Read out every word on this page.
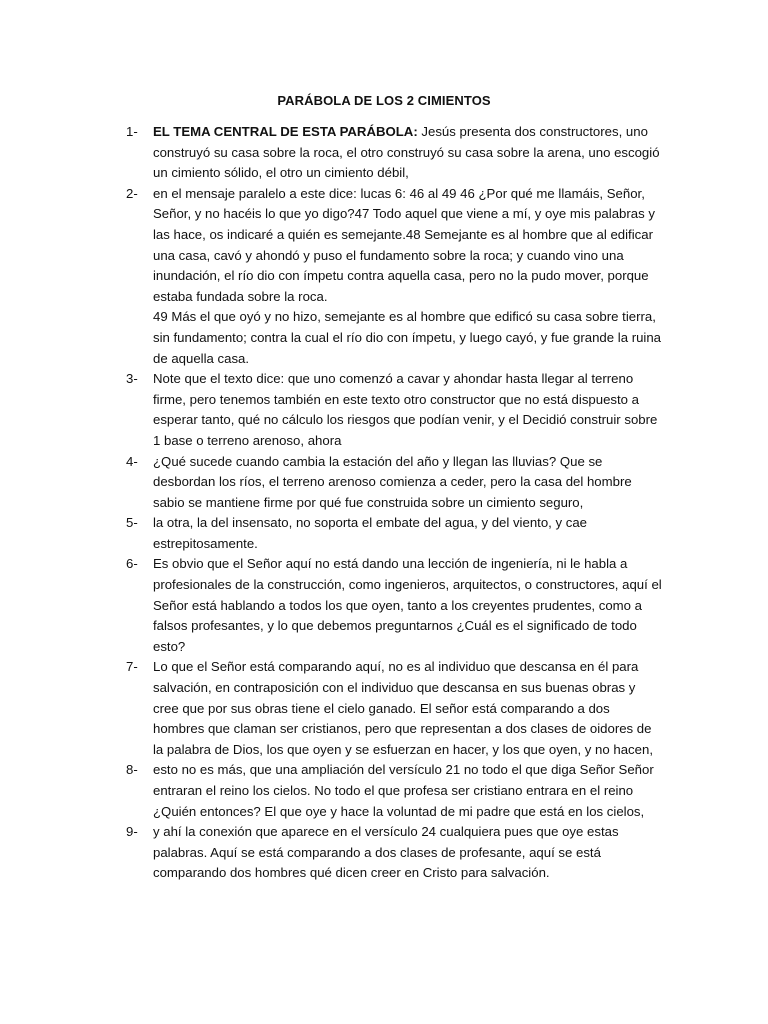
PARÁBOLA DE LOS 2 CIMIENTOS
1-	EL TEMA CENTRAL DE ESTA PARÁBOLA: Jesús presenta dos constructores, uno construyó su casa sobre la roca, el otro construyó su casa sobre la arena, uno escogió un cimiento sólido, el otro un cimiento débil,
2-	en el mensaje paralelo a este dice: lucas 6: 46 al 49 46 ¿Por qué me llamáis, Señor, Señor, y no hacéis lo que yo digo?47 Todo aquel que viene a mí, y oye mis palabras y las hace, os indicaré a quién es semejante.48 Semejante es al hombre que al edificar una casa, cavó y ahondó y puso el fundamento sobre la roca; y cuando vino una inundación, el río dio con ímpetu contra aquella casa, pero no la pudo mover, porque estaba fundada sobre la roca.
49 Más el que oyó y no hizo, semejante es al hombre que edificó su casa sobre tierra, sin fundamento; contra la cual el río dio con ímpetu, y luego cayó, y fue grande la ruina de aquella casa.
3-	Note que el texto dice: que uno comenzó a cavar y ahondar hasta llegar al terreno firme, pero tenemos también en este texto otro constructor que no está dispuesto a esperar tanto, qué no cálculo los riesgos que podían venir, y el Decidió construir sobre 1 base o terreno arenoso, ahora
4-	¿Qué sucede cuando cambia la estación del año y llegan las lluvias? Que se desbordan los ríos, el terreno arenoso comienza a ceder, pero la casa del hombre sabio se mantiene firme por qué fue construida sobre un cimiento seguro,
5-	la otra, la del insensato, no soporta el embate del agua, y del viento, y cae estrepitosamente.
6-	Es obvio que el Señor aquí no está dando una lección de ingeniería, ni le habla a profesionales de la construcción, como ingenieros, arquitectos, o constructores, aquí el Señor está hablando a todos los que oyen, tanto a los creyentes prudentes, como a falsos profesantes, y lo que debemos preguntarnos ¿Cuál es el significado de todo esto?
7-	Lo que el Señor está comparando aquí, no es al individuo que descansa en él para salvación, en contraposición con el individuo que descansa en sus buenas obras y cree que por sus obras tiene el cielo ganado. El señor está comparando a dos hombres que claman ser cristianos, pero que representan a dos clases de oidores de la palabra de Dios, los que oyen y se esfuerzan en hacer, y los que oyen, y no hacen,
8-	esto no es más, que una ampliación del versículo 21 no todo el que diga Señor Señor entraran el reino los cielos. No todo el que profesa ser cristiano entrara en el reino ¿Quién entonces? El que oye y hace la voluntad de mi padre que está en los cielos,
9-	y ahí la conexión que aparece en el versículo 24 cualquiera pues que oye estas palabras. Aquí se está comparando a dos clases de profesante, aquí se está comparando dos hombres qué dicen creer en Cristo para salvación.
